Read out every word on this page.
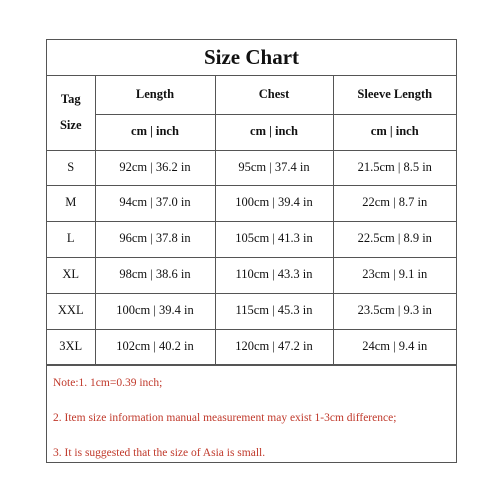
Size Chart
Tag
Size	Length	Chest	Sleeve Length
	cm | inch	cm | inch	cm | inch
S	92cm | 36.2 in	95cm | 37.4 in	21.5cm | 8.5 in
M	94cm | 37.0 in	100cm | 39.4 in	22cm | 8.7 in
L	96cm | 37.8 in	105cm | 41.3 in	22.5cm | 8.9 in
XL	98cm | 38.6 in	110cm | 43.3 in	23cm | 9.1 in
XXL	100cm | 39.4 in	115cm | 45.3 in	23.5cm | 9.3 in
3XL	102cm | 40.2 in	120cm | 47.2 in	24cm | 9.4 in
Note:1. 1cm=0.39 inch;
2. Item size information manual measurement may exist 1-3cm difference;
3. It is suggested that the size of Asia is small.
